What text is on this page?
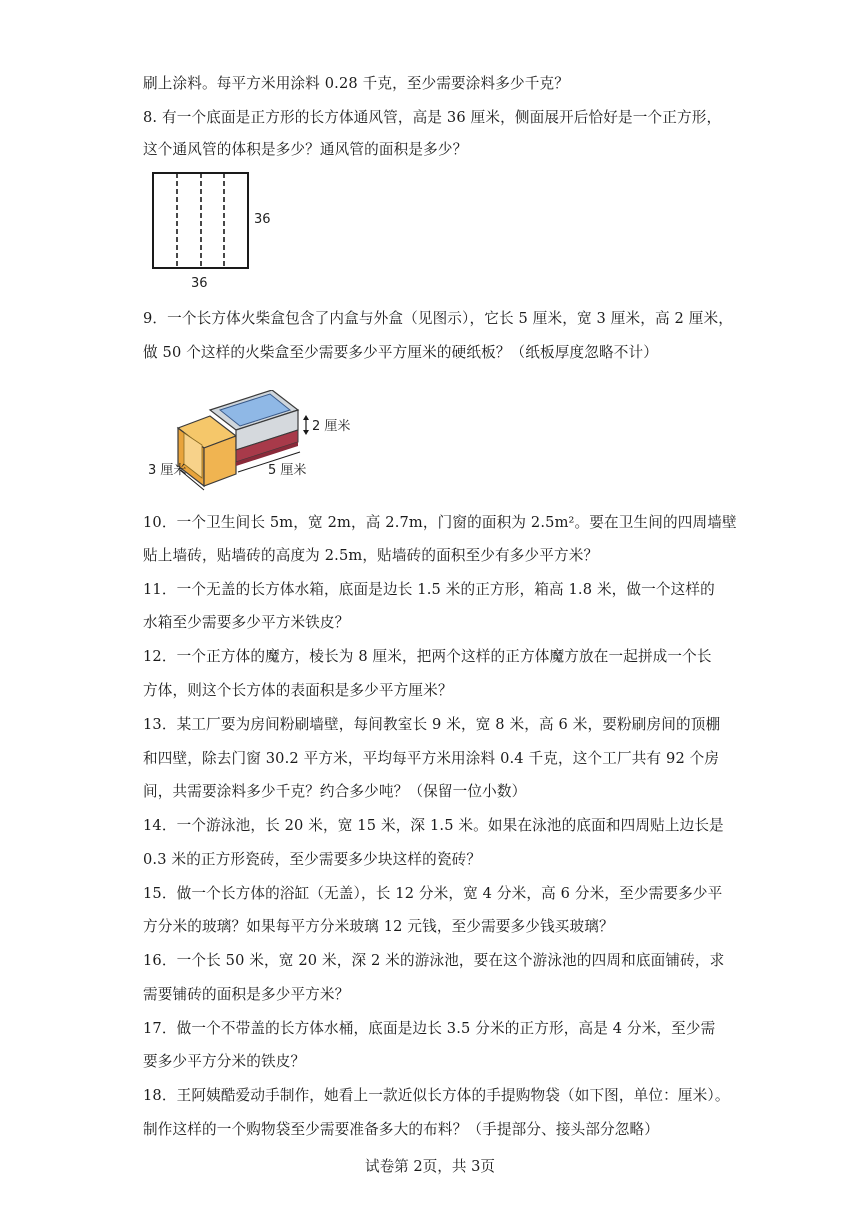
刷上涂料。每平方米用涂料 0.28 千克，至少需要涂料多少千克？
8. 有一个底面是正方形的长方体通风管，高是 36 厘米，侧面展开后恰好是一个正方形，
这个通风管的体积是多少？通风管的面积是多少？
36
36
9．一个长方体火柴盒包含了内盒与外盒（见图示），它长 5 厘米，宽 3 厘米，高 2 厘米，
做 50 个这样的火柴盒至少需要多少平方厘米的硬纸板？（纸板厚度忽略不计）
2 厘米
5 厘米
3 厘米
10．一个卫生间长 5m，宽 2m，高 2.7m，门窗的面积为 2.5m²。要在卫生间的四周墙壁
贴上墙砖，贴墙砖的高度为 2.5m，贴墙砖的面积至少有多少平方米？
11．一个无盖的长方体水箱，底面是边长 1.5 米的正方形，箱高 1.8 米，做一个这样的
水箱至少需要多少平方米铁皮？
12．一个正方体的魔方，棱长为 8 厘米，把两个这样的正方体魔方放在一起拼成一个长
方体，则这个长方体的表面积是多少平方厘米？
13．某工厂要为房间粉刷墙壁，每间教室长 9 米，宽 8 米，高 6 米，要粉刷房间的顶棚
和四壁，除去门窗 30.2 平方米，平均每平方米用涂料 0.4 千克，这个工厂共有 92 个房
间，共需要涂料多少千克？约合多少吨？（保留一位小数）
14．一个游泳池，长 20 米，宽 15 米，深 1.5 米。如果在泳池的底面和四周贴上边长是
0.3 米的正方形瓷砖，至少需要多少块这样的瓷砖？
15．做一个长方体的浴缸（无盖），长 12 分米，宽 4 分米，高 6 分米，至少需要多少平
方分米的玻璃？如果每平方分米玻璃 12 元钱，至少需要多少钱买玻璃？
16．一个长 50 米，宽 20 米，深 2 米的游泳池，要在这个游泳池的四周和底面铺砖，求
需要铺砖的面积是多少平方米？
17．做一个不带盖的长方体水桶，底面是边长 3.5 分米的正方形，高是 4 分米，至少需
要多少平方分米的铁皮？
18．王阿姨酷爱动手制作，她看上一款近似长方体的手提购物袋（如下图，单位：厘米）。
制作这样的一个购物袋至少需要准备多大的布料？（手提部分、接头部分忽略）
试卷第 2页，共 3页
